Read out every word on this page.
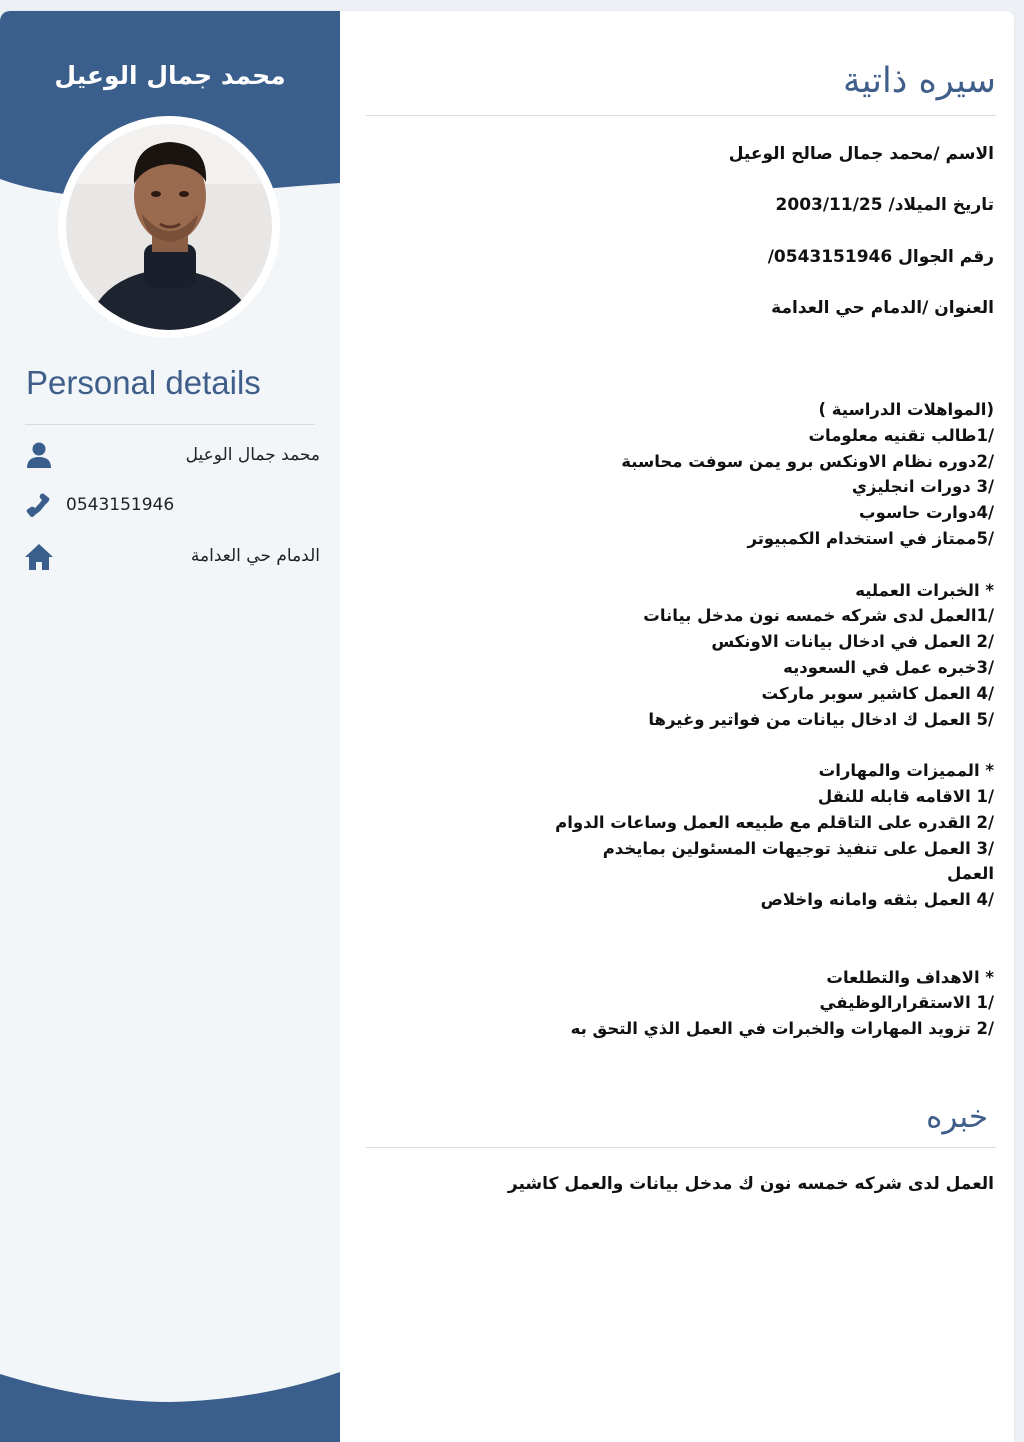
محمد جمال الوعيل
Personal details
محمد جمال الوعيل
0543151946
الدمام حي العدامة
سيره ذاتية
الاسم /محمد جمال صالح الوعيل
تاريخ الميلاد/ 2003/11/25
رقم الجوال 0543151946/
العنوان /الدمام حي العدامة
(المواهلات الدراسية )
/1طالب تقنيه معلومات
/2دوره نظام الاونكس برو يمن سوفت محاسبة
/3 دورات انجليزي
/4دوارت حاسوب
/5ممتاز في استخدام الكمبيوتر
* الخبرات العمليه
/1العمل لدى شركه خمسه نون مدخل بيانات
/2 العمل في ادخال بيانات الاونكس
/3خبره عمل في السعوديه
/4 العمل كاشير سوبر ماركت
/5 العمل ك ادخال بيانات من فواتير وغيرها
* المميزات والمهارات
/1 الاقامه قابله للنقل
/2 القدره على التاقلم مع طبيعه العمل وساعات الدوام
/3 العمل على تنفيذ توجيهات المسئولين بمايخدم
العمل
/4 العمل بثقه وامانه واخلاص
* الاهداف والتطلعات
/1 الاستقرارالوظيفي
/2 تزويد المهارات والخبرات في العمل الذي التحق به
خبره
العمل لدى شركه خمسه نون ك مدخل بيانات والعمل كاشير
